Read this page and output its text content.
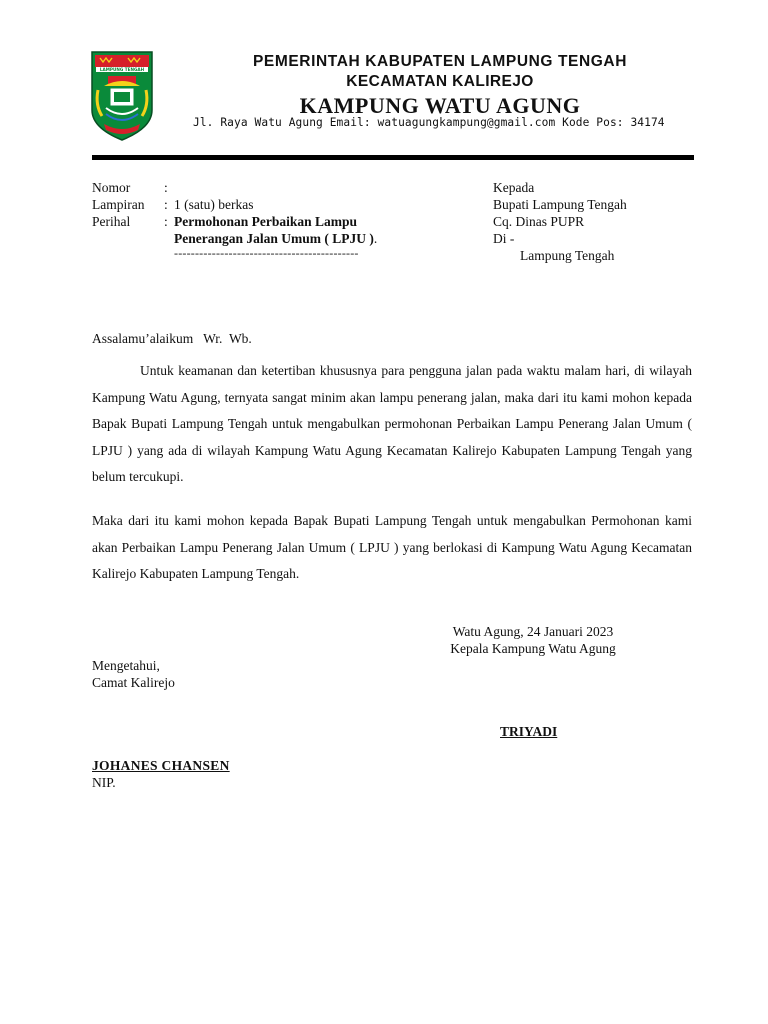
LAMPUNG TENGAH	PEMERINTAH KABUPATEN LAMPUNG TENGAH
KECAMATAN KALIREJO
KAMPUNG WATU AGUNG
Jl. Raya Watu Agung Email: watuagungkampung@gmail.com Kode Pos: 34174
Nomor	:
Lampiran	: 1 (satu) berkas
Perihal	: Permohonan Perbaikan Lampu
Penerangan Jalan Umum ( LPJU ).
--------------------------------------------
Kepada
Bupati Lampung Tengah
Cq. Dinas PUPR
Di -
Lampung Tengah
Assalamu’alaikum   Wr.  Wb.

Untuk keamanan dan ketertiban khususnya para pengguna jalan pada waktu malam hari, di wilayah Kampung Watu Agung, ternyata sangat minim akan lampu penerang jalan, maka dari itu kami mohon kepada Bapak Bupati Lampung Tengah untuk mengabulkan permohonan Perbaikan Lampu Penerang Jalan Umum ( LPJU ) yang ada di wilayah Kampung Watu Agung Kecamatan Kalirejo Kabupaten Lampung Tengah yang belum tercukupi.

Maka dari itu kami mohon kepada Bapak Bupati Lampung Tengah untuk mengabulkan Permohonan kami akan Perbaikan Lampu Penerang Jalan Umum ( LPJU ) yang berlokasi di Kampung Watu Agung Kecamatan Kalirejo Kabupaten Lampung Tengah.

Watu Agung, 24 Januari 2023
Kepala Kampung Watu Agung
Mengetahui,
Camat Kalirejo
TRIYADI
JOHANES CHANSEN
NIP.
